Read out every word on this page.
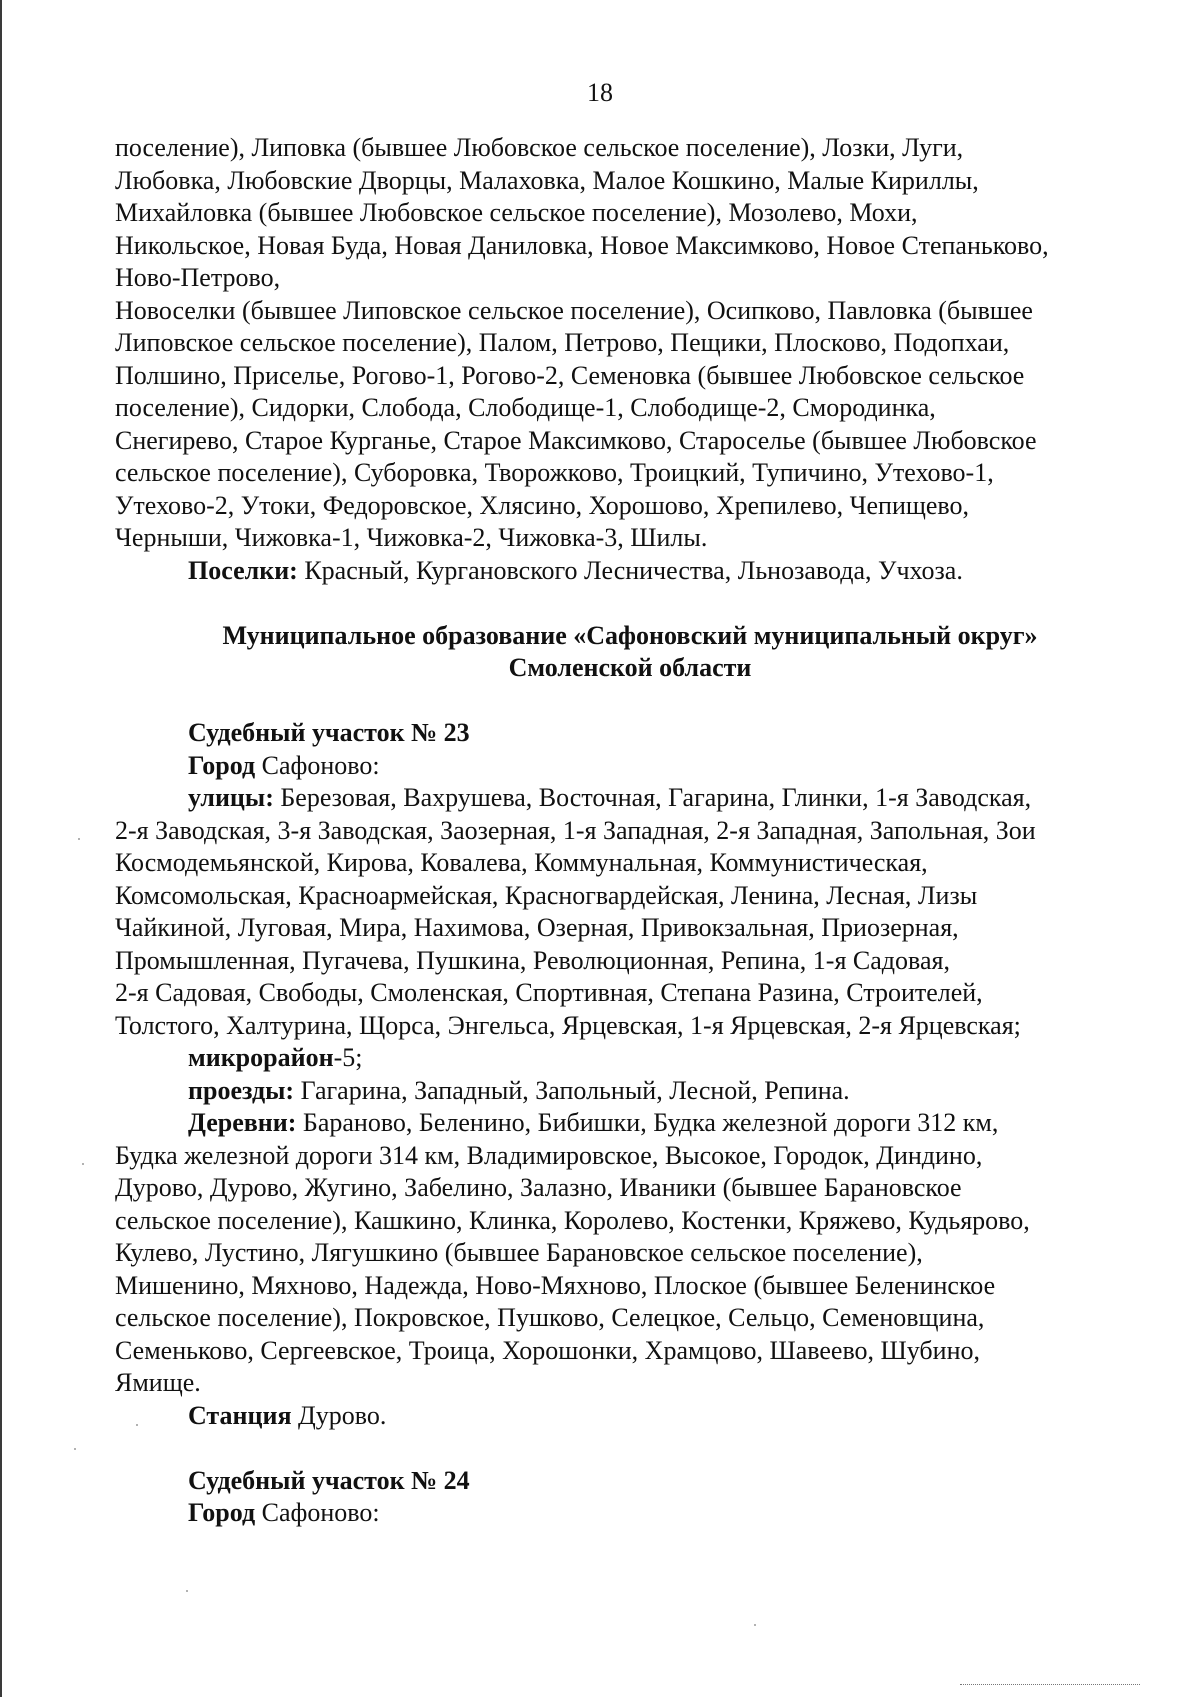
18

поселение), Липовка (бывшее Любовское сельское поселение), Лозки, Луги,

Любовка, Любовские Дворцы, Малаховка, Малое Кошкино, Малые Кириллы,

Михайловка (бывшее Любовское сельское поселение), Мозолево, Мохи,

Никольское, Новая Буда, Новая Даниловка, Новое Максимково, Новое Степаньково,

Ново-Петрово,

Новоселки (бывшее Липовское сельское поселение), Осипково, Павловка (бывшее

Липовское сельское поселение), Палом, Петрово, Пещики, Плосково, Подопхаи,

Полшино, Приселье, Рогово-1, Рогово-2, Семеновка (бывшее Любовское сельское

поселение), Сидорки, Слобода, Слободище-1, Слободище-2, Смородинка,

Снегирево, Старое Курганье, Старое Максимково, Староселье (бывшее Любовское

сельское поселение), Суборовка, Творожково, Троицкий, Тупичино, Утехово-1,

Утехово-2, Утоки, Федоровское, Хлясино, Хорошово, Хрепилево, Чепищево,

Черныши, Чижовка-1, Чижовка-2, Чижовка-3, Шилы.

Поселки: Красный, Кургановского Лесничества, Льнозавода, Учхоза.

Муниципальное образование «Сафоновский муниципальный округ»

Смоленской области

Судебный участок № 23

Город Сафоново:

улицы: Березовая, Вахрушева, Восточная, Гагарина, Глинки, 1-я Заводская,

2-я Заводская, 3-я Заводская, Заозерная, 1-я Западная, 2-я Западная, Запольная, Зои

Космодемьянской, Кирова, Ковалева, Коммунальная, Коммунистическая,

Комсомольская, Красноармейская, Красногвардейская, Ленина, Лесная, Лизы

Чайкиной, Луговая, Мира, Нахимова, Озерная, Привокзальная, Приозерная,

Промышленная, Пугачева, Пушкина, Революционная, Репина, 1-я Садовая,

2-я Садовая, Свободы, Смоленская, Спортивная, Степана Разина, Строителей,

Толстого, Халтурина, Щорса, Энгельса, Ярцевская, 1-я Ярцевская, 2-я Ярцевская;

микрорайон-5;

проезды: Гагарина, Западный, Запольный, Лесной, Репина.

Деревни: Бараново, Беленино, Бибишки, Будка железной дороги 312 км,

Будка железной дороги 314 км, Владимировское, Высокое, Городок, Диндино,

Дурово, Дурово, Жугино, Забелино, Залазно, Иваники (бывшее Барановское

сельское поселение), Кашкино, Клинка, Королево, Костенки, Кряжево, Кудьярово,

Кулево, Лустино, Лягушкино (бывшее Барановское сельское поселение),

Мишенино, Мяхново, Надежда, Ново-Мяхново, Плоское (бывшее Беленинское

сельское поселение), Покровское, Пушково, Селецкое, Сельцо, Семеновщина,

Семеньково, Сергеевское, Троица, Хорошонки, Храмцово, Шавеево, Шубино,

Ямище.

Станция Дурово.

Судебный участок № 24

Город Сафоново:
